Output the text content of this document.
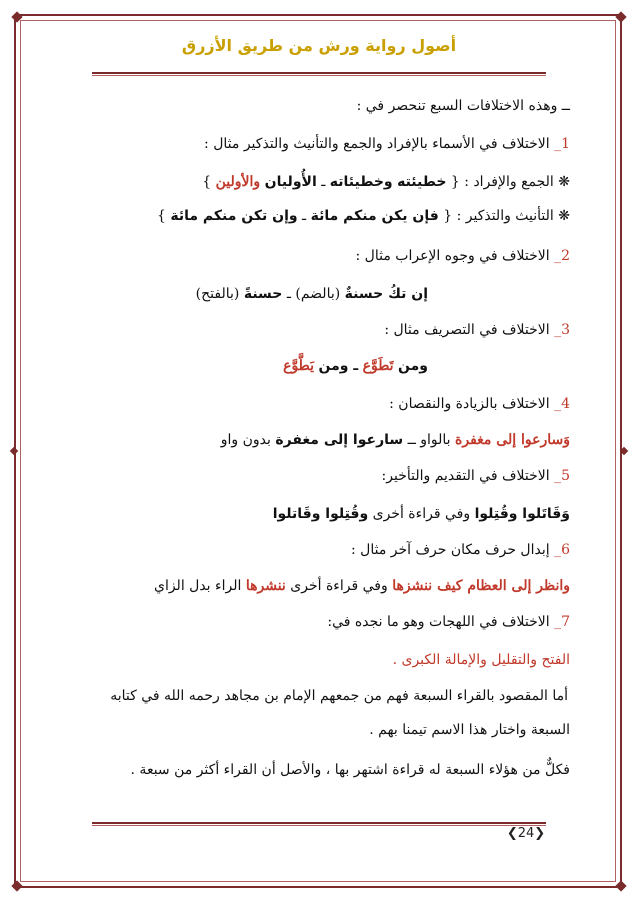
أصول رواية ورش من طريق الأزرق
ــ وهذه الاختلافات السبع تنحصر في :
1_ الاختلاف في الأسماء بالإفراد والجمع والتأنيث والتذكير مثال :
❋ الجمع والإفراد : { خطيئته وخطيئاته ـ الأُوليان والأولين }
❋ التأنيث والتذكير : { فإن يكن منكم مائة ـ وإن تكن منكم مائة }
2_ الاختلاف في وجوه الإعراب مثال :
إن تكُ حسنةٌ (بالضم) ـ حسنةً (بالفتح)
3_ الاختلاف في التصريف مثال :
ومن تَطَوَّع ـ ومن يَطَّوَّع
4_ الاختلاف بالزيادة والنقصان :
وَسارعوا إلى مغفرة بالواو ــ سارعوا إلى مغفرة بدون واو
5_ الاختلاف في التقديم والتأخير:
وَقَاتَلوا وقُتِلوا وفي قراءة أخرى وقُتِلوا وقَاتلوا
6_ إبدال حرف مكان حرف آخر مثال :
وانظر إلى العظام كيف ننشزها وفي قراءة أخرى ننشرها الراء بدل الزاي
7_ الاختلاف في اللهجات وهو ما نجده في:
الفتح والتقليل والإمالة الكبرى .
أما المقصود بالقراء السبعة فهم من جمعهم الإمام بن مجاهد رحمه الله في كتابه
السبعة واختار هذا الاسم تيمنا بهم .
فكلٌّ من هؤلاء السبعة له قراءة اشتهر بها ، والأصل أن القراء أكثر من سبعة .
❮24❯
